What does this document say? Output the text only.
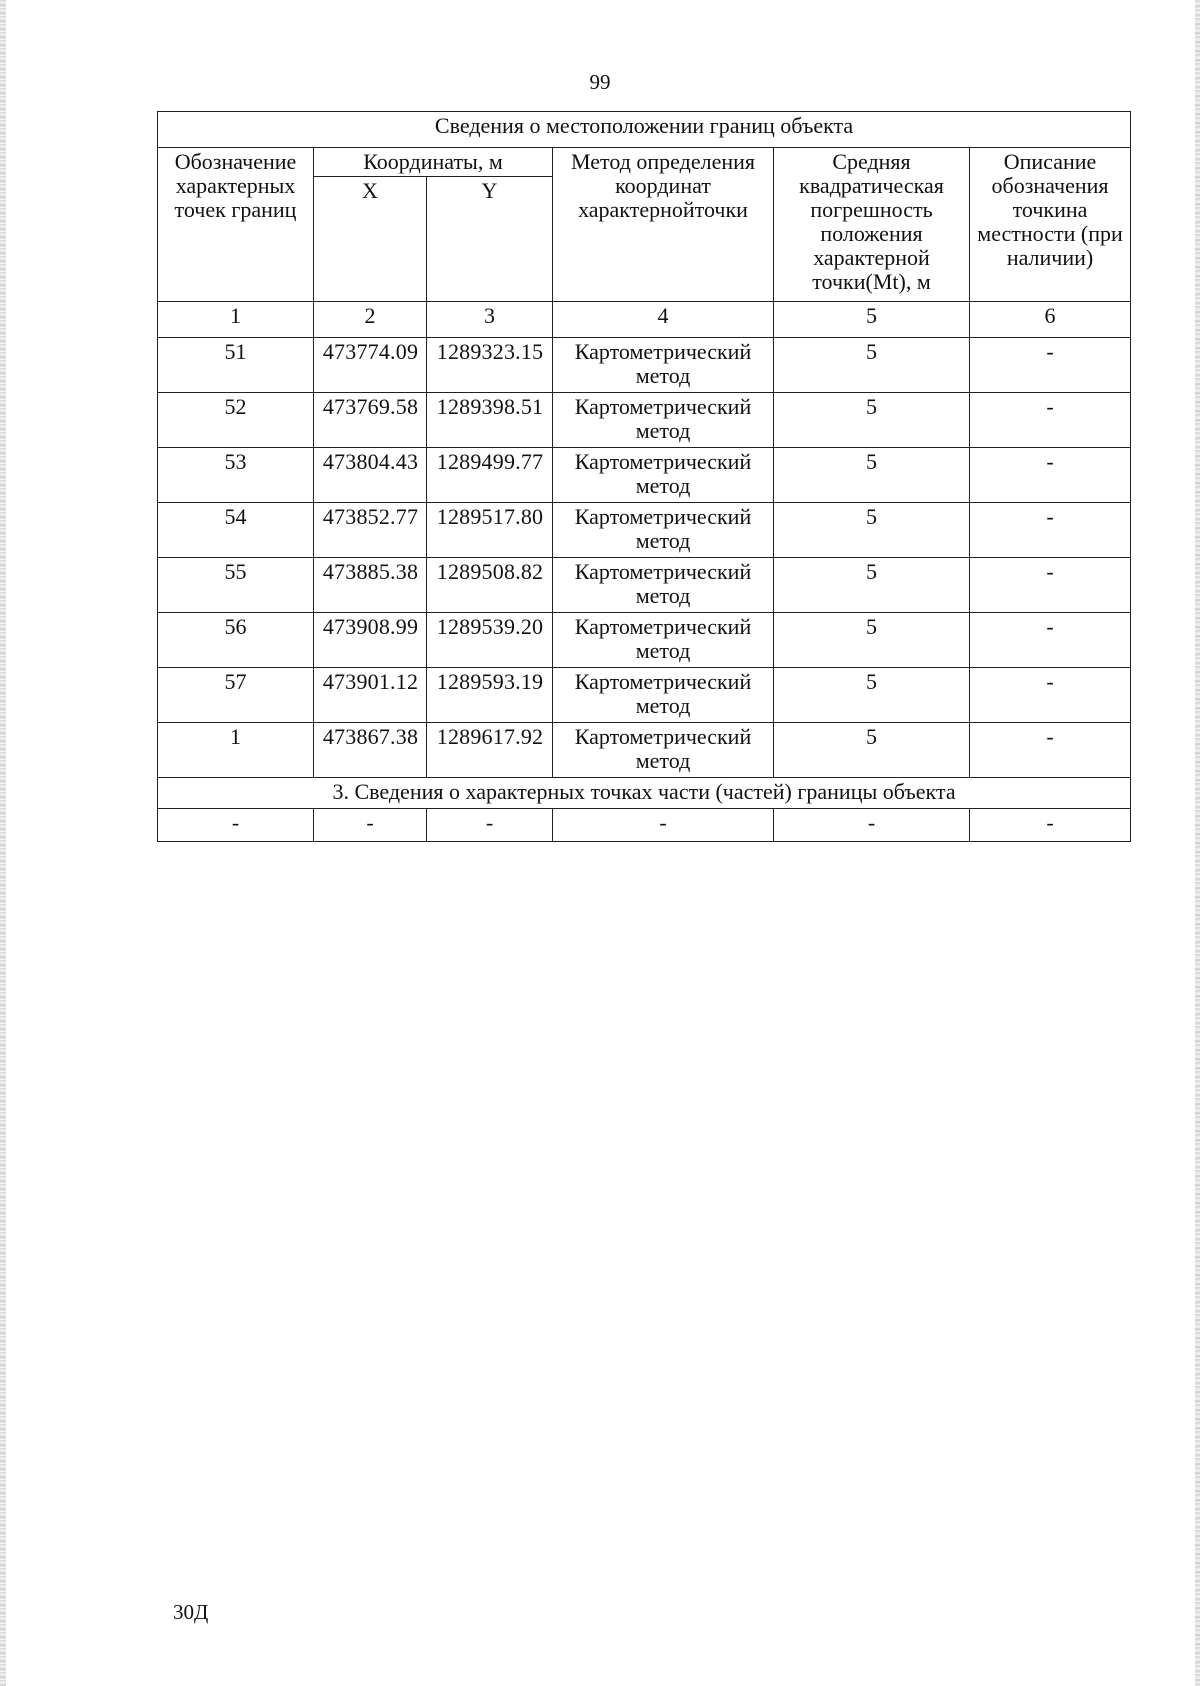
99
Сведения о местоположении границ объекта					
Обозначение характерных точек границ	Координаты, м		Метод определения координат характернойточки	Средняя квадратическая погрешность положения характерной точки(Mt), м	Описание обозначения точкина местности (при наличии)
	X	Y			
1	2	3	4	5	6
51	473774.09	1289323.15	Картометрический метод	5	-
52	473769.58	1289398.51	Картометрический метод	5	-
53	473804.43	1289499.77	Картометрический метод	5	-
54	473852.77	1289517.80	Картометрический метод	5	-
55	473885.38	1289508.82	Картометрический метод	5	-
56	473908.99	1289539.20	Картометрический метод	5	-
57	473901.12	1289593.19	Картометрический метод	5	-
1	473867.38	1289617.92	Картометрический метод	5	-
3. Сведения о характерных точках части (частей) границы объекта					
-	-	-	-	-	-
30Д
